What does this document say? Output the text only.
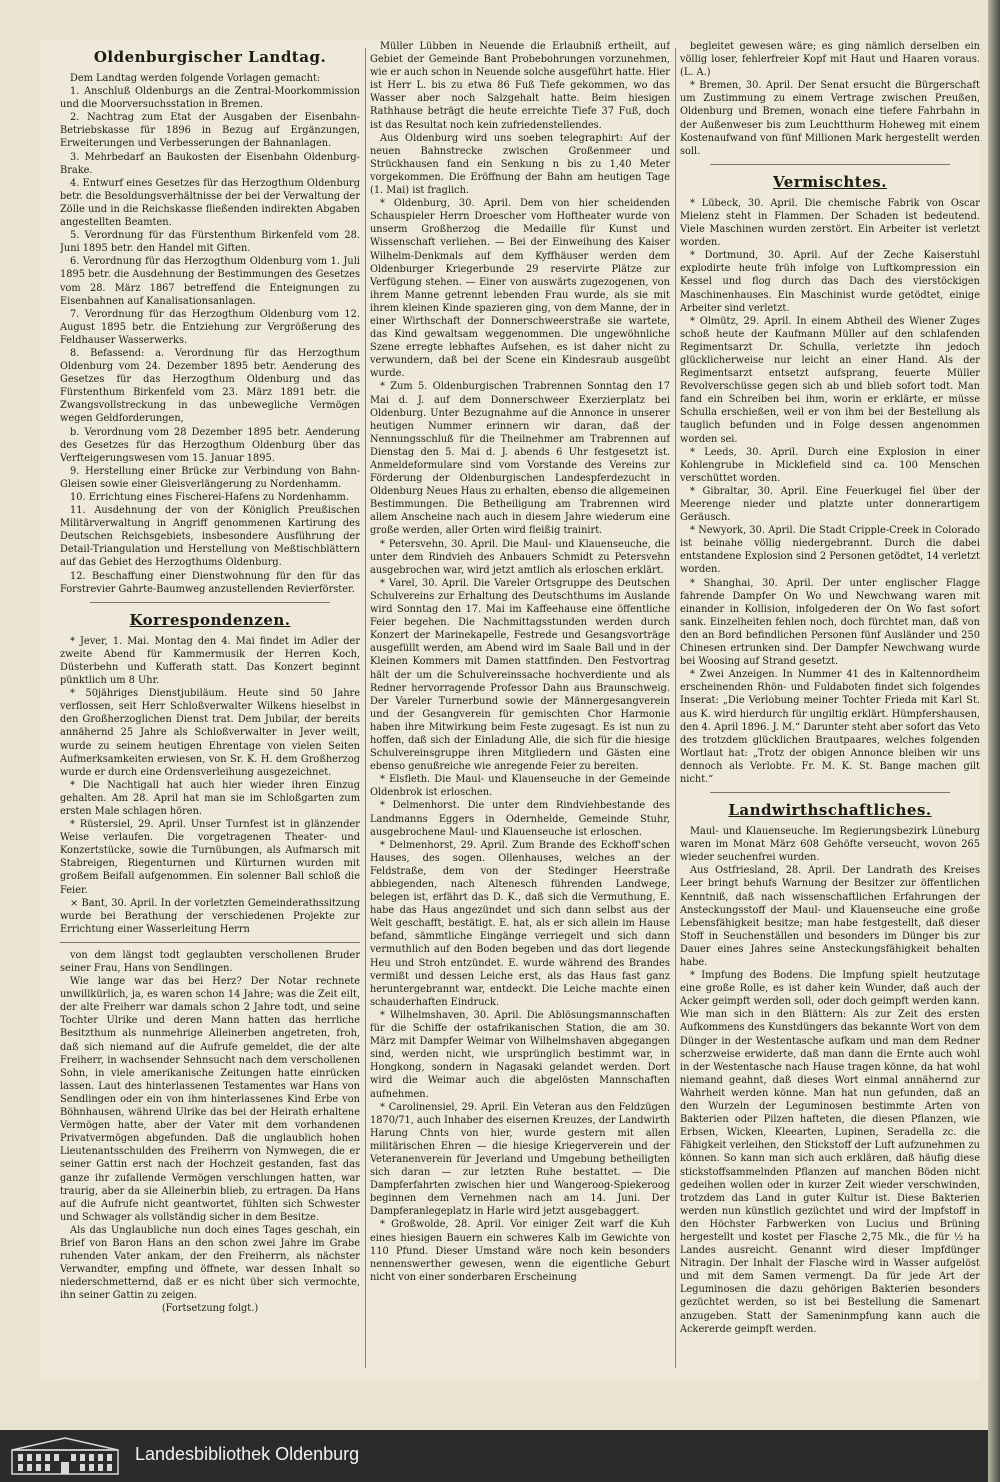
Oldenburgischer Landtag.

Dem Landtag werden folgende Vorlagen gemacht:

1. Anschluß Oldenburgs an die Zentral-Moorkommission und die Moorversuchsstation in Bremen.

2. Nachtrag zum Etat der Ausgaben der Eisenbahn-Betriebskasse für 1896 in Bezug auf Ergänzungen, Erweiterungen und Verbesserungen der Bahnanlagen.

3. Mehrbedarf an Baukosten der Eisenbahn Oldenburg-Brake.

4. Entwurf eines Gesetzes für das Herzogthum Oldenburg betr. die Besoldungsverhältnisse der bei der Verwaltung der Zölle und in die Reichskasse fließenden indirekten Abgaben angestellten Beamten.

5. Verordnung für das Fürstenthum Birkenfeld vom 28. Juni 1895 betr. den Handel mit Giften.

6. Verordnung für das Herzogthum Oldenburg vom 1. Juli 1895 betr. die Ausdehnung der Bestimmungen des Gesetzes vom 28. März 1867 betreffend die Enteignungen zu Eisenbahnen auf Kanalisationsanlagen.

7. Verordnung für das Herzogthum Oldenburg vom 12. August 1895 betr. die Entziehung zur Vergrößerung des Feldhauser Wasserwerks.

8. Befassend: a. Verordnung für das Herzogthum Oldenburg vom 24. Dezember 1895 betr. Aenderung des Gesetzes für das Herzogthum Oldenburg und das Fürstenthum Birkenfeld vom 23. März 1891 betr. die Zwangsvollstreckung in das unbewegliche Vermögen wegen Geldforderungen,

b. Verordnung vom 28 Dezember 1895 betr. Aenderung des Gesetzes für das Herzogthum Oldenburg über das Verfteigerungswesen vom 15. Januar 1895.

9. Herstellung einer Brücke zur Verbindung von Bahn-Gleisen sowie einer Gleisverlängerung zu Nordenhamm.

10. Errichtung eines Fischerei-Hafens zu Nordenhamm.

11. Ausdehnung der von der Königlich Preußischen Militärverwaltung in Angriff genommenen Kartirung des Deutschen Reichsgebiets, insbesondere Ausführung der Detail-Triangulation und Herstellung von Meßtischblättern auf das Gebiet des Herzogthums Oldenburg.

12. Beschaffung einer Dienstwohnung für den für das Forstrevier Gahrte-Baumweg anzustellenden Revierförster.

Korrespondenzen.

* Jever, 1. Mai. Montag den 4. Mai findet im Adler der zweite Abend für Kammermusik der Herren Koch, Düsterbehn und Kufferath statt. Das Konzert beginnt pünktlich um 8 Uhr.

* 50jähriges Dienstjubiläum. Heute sind 50 Jahre verflossen, seit Herr Schloßverwalter Wilkens hieselbst in den Großherzoglichen Dienst trat. Dem Jubilar, der bereits annähernd 25 Jahre als Schloßverwalter in Jever weilt, wurde zu seinem heutigen Ehrentage von vielen Seiten Aufmerksamkeiten erwiesen, von Sr. K. H. dem Großherzog wurde er durch eine Ordensverleihung ausgezeichnet.

* Die Nachtigall hat auch hier wieder ihren Einzug gehalten. Am 28. April hat man sie im Schloßgarten zum ersten Male schlagen hören.

* Rüstersiel, 29. April. Unser Turnfest ist in glänzender Weise verlaufen. Die vorgetragenen Theater- und Konzertstücke, sowie die Turnübungen, als Aufmarsch mit Stabreigen, Riegenturnen und Kürturnen wurden mit großem Beifall aufgenommen. Ein solenner Ball schloß die Feier.

⨯ Bant, 30. April. In der vorletzten Gemeinderathssitzung wurde bei Berathung der verschiedenen Projekte zur Errichtung einer Wasserleitung Herrn

von dem längst todt geglaubten verschollenen Bruder seiner Frau, Hans von Sendlingen.

Wie lange war das bei Herz? Der Notar rechnete unwillkürlich, ja, es waren schon 14 Jahre; was die Zeit eilt, der alte Freiherr war damals schon 2 Jahre todt, und seine Tochter Ulrike und deren Mann hatten das herrliche Besitzthum als nunmehrige Alleinerben angetreten, froh, daß sich niemand auf die Aufrufe gemeldet, die der alte Freiherr, in wachsender Sehnsucht nach dem verschollenen Sohn, in viele amerikanische Zeitungen hatte einrücken lassen. Laut des hinterlassenen Testamentes war Hans von Sendlingen oder ein von ihm hinterlassenes Kind Erbe von Böhnhausen, während Ulrike das bei der Heirath erhaltene Vermögen hatte, aber der Vater mit dem vorhandenen Privatvermögen abgefunden. Daß die unglaublich hohen Lieutenantsschulden des Freiherrn von Nymwegen, die er seiner Gattin erst nach der Hochzeit gestanden, fast das ganze ihr zufallende Vermögen verschlungen hatten, war traurig, aber da sie Alleinerbin blieb, zu ertragen. Da Hans auf die Aufrufe nicht geantwortet, fühlten sich Schwester und Schwager als vollständig sicher in dem Besitze.

Als das Unglaubliche nun doch eines Tages geschah, ein Brief von Baron Hans an den schon zwei Jahre im Grabe ruhenden Vater ankam, der den Freiherrn, als nächster Verwandter, empfing und öffnete, war dessen Inhalt so niederschmetternd, daß er es nicht über sich vermochte, ihn seiner Gattin zu zeigen.

(Fortsetzung folgt.)

Müller Lübben in Neuende die Erlaubniß ertheilt, auf Gebiet der Gemeinde Bant Probebohrungen vorzunehmen, wie er auch schon in Neuende solche ausgeführt hatte. Hier ist Herr L. bis zu etwa 86 Fuß Tiefe gekommen, wo das Wasser aber noch Salzgehalt hatte. Beim hiesigen Rathhause beträgt die heute erreichte Tiefe 37 Fuß, doch ist das Resultat noch kein zufriedenstellendes.

Aus Oldenburg wird uns soeben telegraphirt: Auf der neuen Bahnstrecke zwischen Großenmeer und Strückhausen fand ein Senkung n bis zu 1,40 Meter vorgekommen. Die Eröffnung der Bahn am heutigen Tage (1. Mai) ist fraglich.

* Oldenburg, 30. April. Dem von hier scheidenden Schauspieler Herrn Droescher vom Hoftheater wurde von unserm Großherzog die Medaille für Kunst und Wissenschaft verliehen. — Bei der Einweihung des Kaiser Wilhelm-Denkmals auf dem Kyffhäuser werden dem Oldenburger Kriegerbunde 29 reservirte Plätze zur Verfügung stehen. — Einer von auswärts zugezogenen, von ihrem Manne getrennt lebenden Frau wurde, als sie mit ihrem kleinen Kinde spazieren ging, von dem Manne, der in einer Wirthschaft der Donnerschweerstraße sie wartete, das Kind gewaltsam weggenommen. Die ungewöhnliche Szene erregte lebhaftes Aufsehen, es ist daher nicht zu verwundern, daß bei der Scene ein Kindesraub ausgeübt wurde.

* Zum 5. Oldenburgischen Trabrennen Sonntag den 17 Mai d. J. auf dem Donnerschweer Exerzierplatz bei Oldenburg. Unter Bezugnahme auf die Annonce in unserer heutigen Nummer erinnern wir daran, daß der Nennungsschluß für die Theilnehmer am Trabrennen auf Dienstag den 5. Mai d. J. abends 6 Uhr festgesetzt ist. Anmeldeformulare sind vom Vorstande des Vereins zur Förderung der Oldenburgischen Landespferdezucht in Oldenburg Neues Haus zu erhalten, ebenso die allgemeinen Bestimmungen. Die Betheiligung am Trabrennen wird allem Anscheine nach auch in diesem Jahre wiederum eine große werden, aller Orten wird fleißig trainirt.

* Petersvehn, 30. April. Die Maul- und Klauenseuche, die unter dem Rindvieh des Anbauers Schmidt zu Petersvehn ausgebrochen war, wird jetzt amtlich als erloschen erklärt.

* Varel, 30. April. Die Vareler Ortsgruppe des Deutschen Schulvereins zur Erhaltung des Deutschthums im Auslande wird Sonntag den 17. Mai im Kaffeehause eine öffentliche Feier begehen. Die Nachmittagsstunden werden durch Konzert der Marinekapelle, Festrede und Gesangsvorträge ausgefüllt werden, am Abend wird im Saale Ball und in der Kleinen Kommers mit Damen stattfinden. Den Festvortrag hält der um die Schulvereinssache hochverdiente und als Redner hervorragende Professor Dahn aus Braunschweig. Der Vareler Turnerbund sowie der Männergesangverein und der Gesangverein für gemischten Chor Harmonie haben ihre Mitwirkung beim Feste zugesagt. Es ist nun zu hoffen, daß sich der Einladung Alle, die sich für die hiesige Schulvereinsgruppe ihren Mitgliedern und Gästen eine ebenso genußreiche wie anregende Feier zu bereiten.

* Elsfleth. Die Maul- und Klauenseuche in der Gemeinde Oldenbrok ist erloschen.

* Delmenhorst. Die unter dem Rindviehbestande des Landmanns Eggers in Odernhelde, Gemeinde Stuhr, ausgebrochene Maul- und Klauenseuche ist erloschen.

* Delmenhorst, 29. April. Zum Brande des Eckhoff'schen Hauses, des sogen. Ollenhauses, welches an der Feldstraße, dem von der Stedinger Heerstraße abbiegenden, nach Altenesch führenden Landwege, belegen ist, erfährt das D. K., daß sich die Vermuthung, E. habe das Haus angezündet und sich dann selbst aus der Welt geschafft, bestätigt. E. hat, als er sich allein im Hause befand, sämmtliche Eingänge verriegelt und sich dann vermuthlich auf den Boden begeben und das dort liegende Heu und Stroh entzündet. E. wurde während des Brandes vermißt und dessen Leiche erst, als das Haus fast ganz heruntergebrannt war, entdeckt. Die Leiche machte einen schauderhaften Eindruck.

* Wilhelmshaven, 30. April. Die Ablösungsmannschaften für die Schiffe der ostafrikanischen Station, die am 30. März mit Dampfer Weimar von Wilhelmshaven abgegangen sind, werden nicht, wie ursprünglich bestimmt war, in Hongkong, sondern in Nagasaki gelandet werden. Dort wird die Weimar auch die abgelösten Mannschaften aufnehmen.

* Carolinensiel, 29. April. Ein Veteran aus den Feldzügen 1870/71, auch Inhaber des eisernen Kreuzes, der Landwirth Harung Chnts von hier, wurde gestern mit allen militärischen Ehren — die hiesige Kriegerverein und der Veteranenverein für Jeverland und Umgebung betheiligten sich daran — zur letzten Ruhe bestattet. — Die Dampferfahrten zwischen hier und Wangeroog-Spiekeroog beginnen dem Vernehmen nach am 14. Juni. Der Dampferanlegeplatz in Harle wird jetzt ausgebaggert.

* Großwolde, 28. April. Vor einiger Zeit warf die Kuh eines hiesigen Bauern ein schweres Kalb im Gewichte von 110 Pfund. Dieser Umstand wäre noch kein besonders nennenswerther gewesen, wenn die eigentliche Geburt nicht von einer sonderbaren Erscheinung

begleitet gewesen wäre; es ging nämlich derselben ein völlig loser, fehlerfreier Kopf mit Haut und Haaren voraus. (L. A.)

* Bremen, 30. April. Der Senat ersucht die Bürgerschaft um Zustimmung zu einem Vertrage zwischen Preußen, Oldenburg und Bremen, wonach eine tiefere Fahrbahn in der Außenweser bis zum Leuchtthurm Hoheweg mit einem Kostenaufwand von fünf Millionen Mark hergestellt werden soll.

Vermischtes.

* Lübeck, 30. April. Die chemische Fabrik von Oscar Mielenz steht in Flammen. Der Schaden ist bedeutend. Viele Maschinen wurden zerstört. Ein Arbeiter ist verletzt worden.

* Dortmund, 30. April. Auf der Zeche Kaiserstuhl explodirte heute früh infolge von Luftkompression ein Kessel und flog durch das Dach des vierstöckigen Maschinenhauses. Ein Maschinist wurde getödtet, einige Arbeiter sind verletzt.

* Olmütz, 29. April. In einem Abtheil des Wiener Zuges schoß heute der Kaufmann Müller auf den schlafenden Regimentsarzt Dr. Schulla, verletzte ihn jedoch glücklicherweise nur leicht an einer Hand. Als der Regimentsarzt entsetzt aufsprang, feuerte Müller Revolverschüsse gegen sich ab und blieb sofort todt. Man fand ein Schreiben bei ihm, worin er erklärte, er müsse Schulla erschießen, weil er von ihm bei der Bestellung als tauglich befunden und in Folge dessen angenommen worden sei.

* Leeds, 30. April. Durch eine Explosion in einer Kohlengrube in Micklefield sind ca. 100 Menschen verschüttet worden.

* Gibraltar, 30. April. Eine Feuerkugel fiel über der Meerenge nieder und platzte unter donnerartigem Geräusch.

* Newyork, 30. April. Die Stadt Cripple-Creek in Colorado ist beinahe völlig niedergebrannt. Durch die dabei entstandene Explosion sind 2 Personen getödtet, 14 verletzt worden.

* Shanghai, 30. April. Der unter englischer Flagge fahrende Dampfer On Wo und Newchwang waren mit einander in Kollision, infolgederen der On Wo fast sofort sank. Einzelheiten fehlen noch, doch fürchtet man, daß von den an Bord befindlichen Personen fünf Ausländer und 250 Chinesen ertrunken sind. Der Dampfer Newchwang wurde bei Woosing auf Strand gesetzt.

* Zwei Anzeigen. In Nummer 41 des in Kaltennordheim erscheinenden Rhön- und Fuldaboten findet sich folgendes Inserat: „Die Verlobung meiner Tochter Frieda mit Karl St. aus K. wird hierdurch für ungiltig erklärt. Hümpfershausen, den 4. April 1896. J. M.“ Darunter steht aber sofort das Veto des trotzdem glücklichen Brautpaares, welches folgenden Wortlaut hat: „Trotz der obigen Annonce bleiben wir uns dennoch als Verlobte. Fr. M. K. St. Bange machen gilt nicht.“

Landwirthschaftliches.

Maul- und Klauenseuche. Im Regierungsbezirk Lüneburg waren im Monat März 608 Gehöfte verseucht, wovon 265 wieder seuchenfrei wurden.

Aus Ostfriesland, 28. April. Der Landrath des Kreises Leer bringt behufs Warnung der Besitzer zur öffentlichen Kenntniß, daß nach wissenschaftlichen Erfahrungen der Ansteckungsstoff der Maul- und Klauenseuche eine große Lebensfähigkeit besitze; man habe festgestellt, daß dieser Stoff in Seuchenställen und besonders im Dünger bis zur Dauer eines Jahres seine Ansteckungsfähigkeit behalten habe.

* Impfung des Bodens. Die Impfung spielt heutzutage eine große Rolle, es ist daher kein Wunder, daß auch der Acker geimpft werden soll, oder doch geimpft werden kann. Wie man sich in den Blättern: Als zur Zeit des ersten Aufkommens des Kunstdüngers das bekannte Wort von dem Dünger in der Westentasche aufkam und man dem Redner scherzweise erwiderte, daß man dann die Ernte auch wohl in der Westentasche nach Hause tragen könne, da hat wohl niemand geahnt, daß dieses Wort einmal annähernd zur Wahrheit werden könne. Man hat nun gefunden, daß an den Wurzeln der Leguminosen bestimmte Arten von Bakterien oder Pilzen hafteten, die diesen Pflanzen, wie Erbsen, Wicken, Kleearten, Lupinen, Seradella zc. die Fähigkeit verleihen, den Stickstoff der Luft aufzunehmen zu können. So kann man sich auch erklären, daß häufig diese stickstoffsammelnden Pflanzen auf manchen Böden nicht gedeihen wollen oder in kurzer Zeit wieder verschwinden, trotzdem das Land in guter Kultur ist. Diese Bakterien werden nun künstlich gezüchtet und wird der Impfstoff in den Höchster Farbwerken von Lucius und Brüning hergestellt und kostet per Flasche 2,75 Mk., die für ½ ha Landes ausreicht. Genannt wird dieser Impfdünger Nitragin. Der Inhalt der Flasche wird in Wasser aufgelöst und mit dem Samen vermengt. Da für jede Art der Leguminosen die dazu gehörigen Bakterien besonders gezüchtet werden, so ist bei Bestellung die Samenart anzugeben. Statt der Sameninmpfung kann auch die Ackererde geimpft werden.

Landesbibliothek Oldenburg
